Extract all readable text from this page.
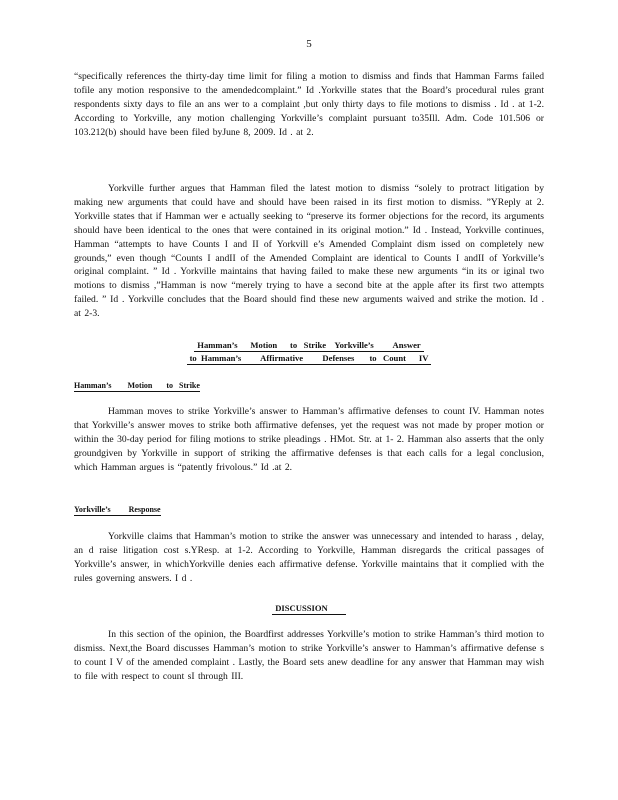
5

“specifically references the thirty-day time limit for filing a motion to dismiss and finds that Hamman Farms failed tofile any motion responsive to the amendedcomplaint.” Id .Yorkville states that the Board’s procedural rules grant respondents sixty days to file an ans wer to a complaint ,but only thirty days to file motions to dismiss . Id . at 1-2. According to Yorkville, any motion challenging Yorkville’s complaint pursuant to35Ill. Adm. Code 101.506 or 103.212(b) should have been filed byJune 8, 2009. Id . at 2.

Yorkville further argues that Hamman filed the latest motion to dismiss “solely to protract litigation by making new arguments that could have and should have been raised in its first motion to dismiss. ”YReply at 2. Yorkville states that if Hamman wer e actually seeking to “preserve its former objections for the record, its arguments should have been identical to the ones that were contained in its original motion.” Id . Instead, Yorkville continues, Hamman “attempts to have Counts I and II of Yorkvill e’s Amended Complaint dism issed on completely new grounds,” even though “Counts I andII of the Amended Complaint are identical to Counts I andII of Yorkville’s original complaint. ” Id . Yorkville maintains that having failed to make these new arguments “in its or iginal two motions to dismiss ,”Hamman is now “merely trying to have a second bite at the apple after its first two attempts failed. ” Id . Yorkville concludes that the Board should find these new arguments waived and strike the motion. Id . at 2-3.

Hamman’s      Motion      to   Strike    Yorkville’s         Answer
to  Hamman’s         Affirmative         Defenses       to   Count      IV
Hamman’s        Motion       to   Strike

Hamman moves to strike Yorkville’s answer to Hamman’s affirmative defenses to count IV. Hamman notes that Yorkville’s answer moves to strike both affirmative defenses, yet the request was not made by proper motion or within the 30-day period for filing motions to strike pleadings . HMot. Str. at 1- 2. Hamman also asserts that the only groundgiven by Yorkville in support of striking the affirmative defenses is that each calls for a legal conclusion, which Hamman argues is “patently frivolous.” Id .at 2.

Yorkville’s         Response

Yorkville claims that Hamman’s motion to strike the answer was unnecessary and intended to harass , delay, an d raise litigation cost s.YResp. at 1-2. According to Yorkville, Hamman disregards the critical passages of Yorkville’s answer, in whichYorkville denies each affirmative defense. Yorkville maintains that it complied with the rules governing answers. I d .

DISCUSSION

In this section of the opinion, the Boardfirst addresses Yorkville’s motion to strike Hamman’s third motion to dismiss. Next,the Board discusses Hamman’s motion to strike Yorkville’s answer to Hamman’s affirmative defense s to count I V of the amended complaint . Lastly, the Board sets anew deadline for any answer that Hamman may wish to file with respect to count sI through III.
